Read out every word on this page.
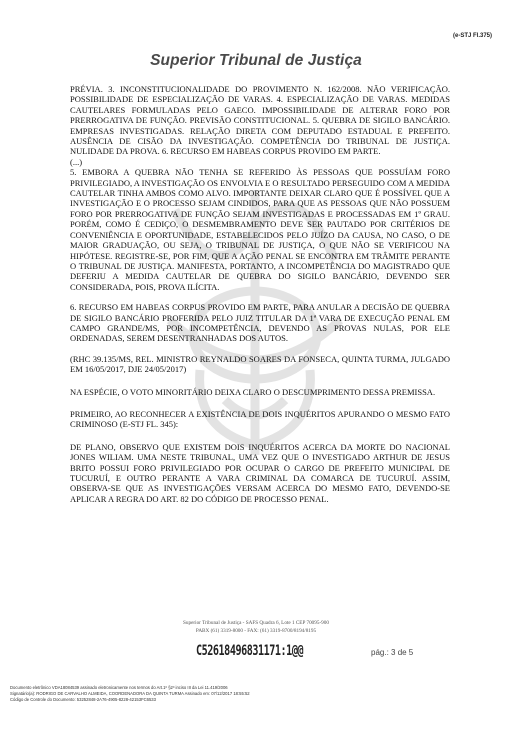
(e-STJ Fl.375)
Superior Tribunal de Justiça

PRÉVIA. 3. INCONSTITUCIONALIDADE DO PROVIMENTO N. 162/2008. NÃO VERIFICAÇÃO. POSSIBILIDADE DE ESPECIALIZAÇÃO DE VARAS. 4. ESPECIALIZAÇÃO DE VARAS. MEDIDAS CAUTELARES FORMULADAS PELO GAECO. IMPOSSIBILIDADE DE ALTERAR FORO POR PRERROGATIVA DE FUNÇÃO. PREVISÃO CONSTITUCIONAL. 5. QUEBRA DE SIGILO BANCÁRIO. EMPRESAS INVESTIGADAS. RELAÇÃO DIRETA COM DEPUTADO ESTADUAL E PREFEITO. AUSÊNCIA DE CISÃO DA INVESTIGAÇÃO. COMPETÊNCIA DO TRIBUNAL DE JUSTIÇA. NULIDADE DA PROVA. 6. RECURSO EM HABEAS CORPUS PROVIDO EM PARTE.

(...)

5. EMBORA A QUEBRA NÃO TENHA SE REFERIDO ÀS PESSOAS QUE POSSUÍAM FORO PRIVILEGIADO, A INVESTIGAÇÃO OS ENVOLVIA E O RESULTADO PERSEGUIDO COM A MEDIDA CAUTELAR TINHA AMBOS COMO ALVO. IMPORTANTE DEIXAR CLARO QUE É POSSÍVEL QUE A INVESTIGAÇÃO E O PROCESSO SEJAM CINDIDOS, PARA QUE AS PESSOAS QUE NÃO POSSUEM FORO POR PRERROGATIVA DE FUNÇÃO SEJAM INVESTIGADAS E PROCESSADAS EM 1º GRAU. PORÉM, COMO É CEDIÇO, O DESMEMBRAMENTO DEVE SER PAUTADO POR CRITÉRIOS DE CONVENIÊNCIA E OPORTUNIDADE, ESTABELECIDOS PELO JUÍZO DA CAUSA, NO CASO, O DE MAIOR GRADUAÇÃO, OU SEJA, O TRIBUNAL DE JUSTIÇA, O QUE NÃO SE VERIFICOU NA HIPÓTESE. REGISTRE-SE, POR FIM, QUE A AÇÃO PENAL SE ENCONTRA EM TRÂMITE PERANTE O TRIBUNAL DE JUSTIÇA. MANIFESTA, PORTANTO, A INCOMPETÊNCIA DO MAGISTRADO QUE DEFERIU A MEDIDA CAUTELAR DE QUEBRA DO SIGILO BANCÁRIO, DEVENDO SER CONSIDERADA, POIS, PROVA ILÍCITA.

6. RECURSO EM HABEAS CORPUS PROVIDO EM PARTE, PARA ANULAR A DECISÃO DE QUEBRA DE SIGILO BANCÁRIO PROFERIDA PELO JUIZ TITULAR DA 1ª VARA DE EXECUÇÃO PENAL EM CAMPO GRANDE/MS, POR INCOMPETÊNCIA, DEVENDO AS PROVAS NULAS, POR ELE ORDENADAS, SEREM DESENTRANHADAS DOS AUTOS.

(RHC 39.135/MS, REL. MINISTRO REYNALDO SOARES DA FONSECA, QUINTA TURMA, JULGADO EM 16/05/2017, DJE 24/05/2017)

NA ESPÉCIE, O VOTO MINORITÁRIO DEIXA CLARO O DESCUMPRIMENTO DESSA PREMISSA.

PRIMEIRO, AO RECONHECER A EXISTÊNCIA DE DOIS INQUÉRITOS APURANDO O MESMO FATO CRIMINOSO (E-STJ FL. 345):

DE PLANO, OBSERVO QUE EXISTEM DOIS INQUÉRITOS ACERCA DA MORTE DO NACIONAL JONES WILIAM. UMA NESTE TRIBUNAL, UMA VEZ QUE O INVESTIGADO ARTHUR DE JESUS BRITO POSSUI FORO PRIVILEGIADO POR OCUPAR O CARGO DE PREFEITO MUNICIPAL DE TUCURUÍ, E OUTRO PERANTE A VARA CRIMINAL DA COMARCA DE TUCURUÍ. ASSIM, OBSERVA-SE QUE AS INVESTIGAÇÕES VERSAM ACERCA DO MESMO FATO, DEVENDO-SE APLICAR A REGRA DO ART. 82 DO CÓDIGO DE PROCESSO PENAL.

Superior Tribunal de Justiça - SAFS Quadra 6, Lote 1 CEP 70095-900
PABX (61) 3319-8000 - FAX: (61) 3319-8700/8194/8195
C52618496831171:1@@	pág.: 3 de 5
Documento eletrônico VDA18084539 assinado eletronicamente nos termos do Art.1º §2º inciso III da Lei 11.419/2006
Signatário(a): RODRIGO DE CARVALHO ALMEIDA, COORDENADORA DA QUINTA TURMA Assinado em: 07/12/2017 18:55:52
Código de Controle do Documento: 53252848-2A76-4905-8228-42153FC6533
